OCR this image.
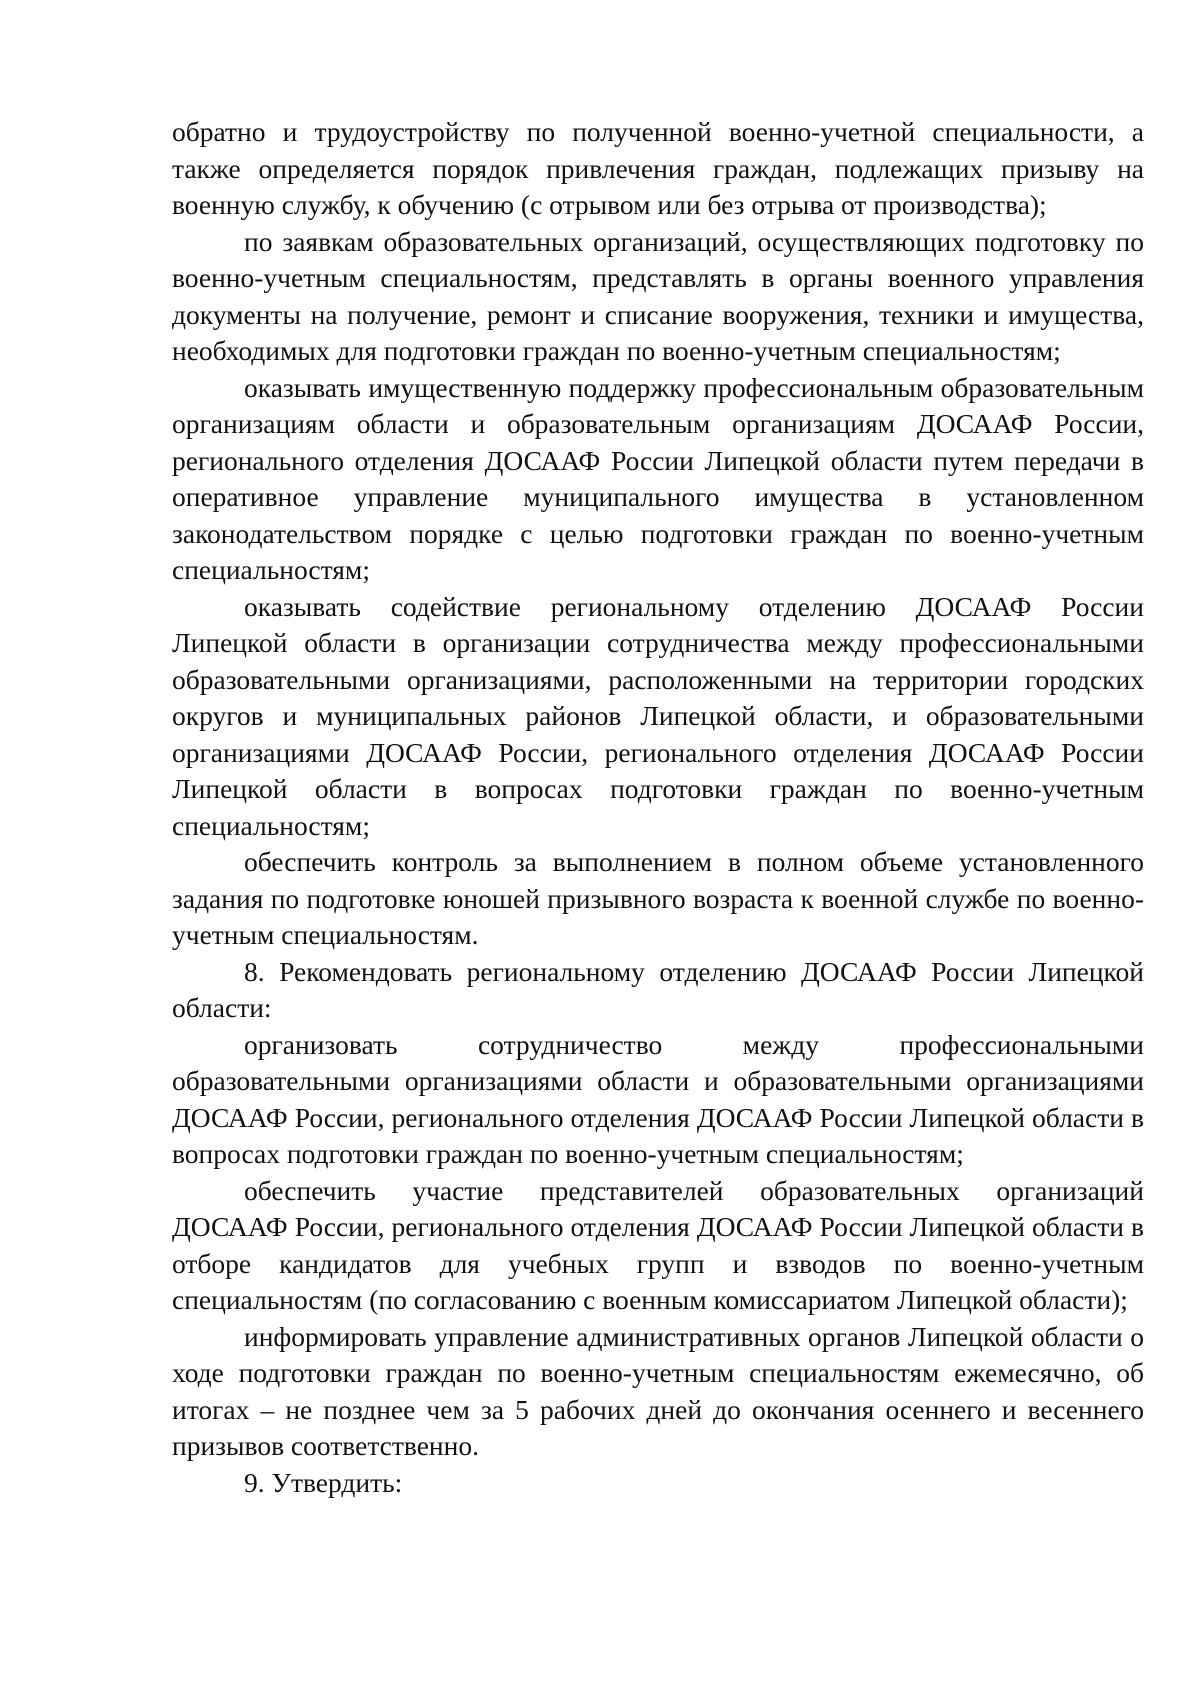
обратно и трудоустройству по полученной военно-учетной специальности, а также определяется порядок привлечения граждан, подлежащих призыву на военную службу, к обучению (с отрывом или без отрыва от производства);

по заявкам образовательных организаций, осуществляющих подготовку по военно-учетным специальностям, представлять в органы военного управления документы на получение, ремонт и списание вооружения, техники и имущества, необходимых для подготовки граждан по военно-учетным специальностям;

оказывать имущественную поддержку профессиональным образовательным организациям области и образовательным организациям ДОСААФ России, регионального отделения ДОСААФ России Липецкой области путем передачи в оперативное управление муниципального имущества в установленном законодательством порядке с целью подготовки граждан по военно-учетным специальностям;

оказывать содействие региональному отделению ДОСААФ России Липецкой области в организации сотрудничества между профессиональными образовательными организациями, расположенными на территории городских округов и муниципальных районов Липецкой области, и образовательными организациями ДОСААФ России, регионального отделения ДОСААФ России Липецкой области в вопросах подготовки граждан по военно-учетным специальностям;

обеспечить контроль за выполнением в полном объеме установленного задания по подготовке юношей призывного возраста к военной службе по военно-учетным специальностям.

8. Рекомендовать региональному отделению ДОСААФ России Липецкой области:

организовать сотрудничество между профессиональными образовательными организациями области и образовательными организациями ДОСААФ России, регионального отделения ДОСААФ России Липецкой области в вопросах подготовки граждан по военно-учетным специальностям;

обеспечить участие представителей образовательных организаций ДОСААФ России, регионального отделения ДОСААФ России Липецкой области в отборе кандидатов для учебных групп и взводов по военно-учетным специальностям (по согласованию с военным комиссариатом Липецкой области);

информировать управление административных органов Липецкой области о ходе подготовки граждан по военно-учетным специальностям ежемесячно, об итогах – не позднее чем за 5 рабочих дней до окончания осеннего и весеннего призывов соответственно.

9. Утвердить:
